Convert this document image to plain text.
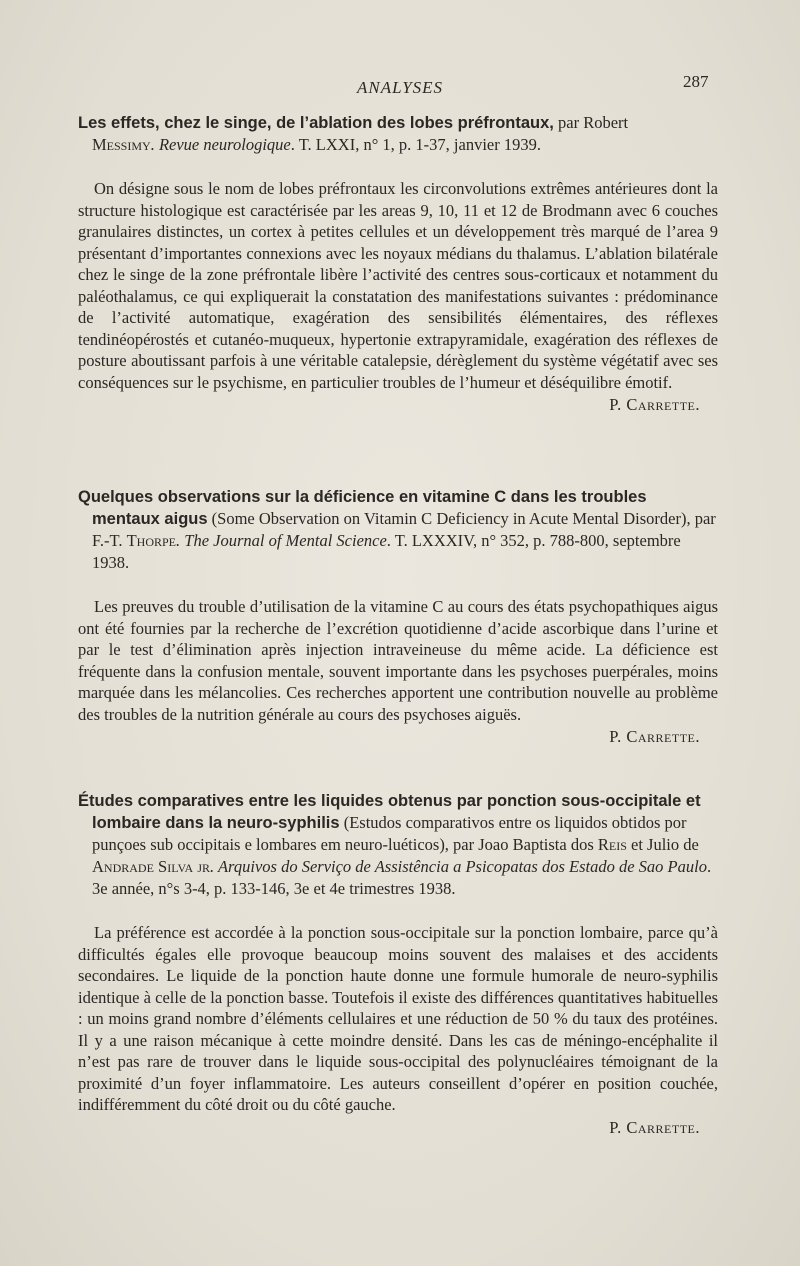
ANALYSES	287

Les effets, chez le singe, de l’ablation des lobes préfrontaux, par Robert

Messimy. Revue neurologique. T. LXXI, n° 1, p. 1-37, janvier 1939.

On désigne sous le nom de lobes préfrontaux les circonvolutions extrêmes antérieures dont la structure histologique est caractérisée par les areas 9, 10, 11 et 12 de Brodmann avec 6 couches granulaires distinctes, un cortex à petites cellules et un développement très marqué de l’area 9 présentant d’importantes connexions avec les noyaux médians du thalamus. L’ablation bilatérale chez le singe de la zone préfrontale libère l’activité des centres sous-corticaux et notamment du paléothalamus, ce qui expliquerait la constatation des manifestations suivantes : prédominance de l’activité automatique, exagération des sensibilités élémentaires, des réflexes tendinéopérostés et cutanéo-muqueux, hypertonie extrapyramidale, exagération des réflexes de posture aboutissant parfois à une véritable catalepsie, dérèglement du système végétatif avec ses conséquences sur le psychisme, en particulier troubles de l’humeur et déséquilibre émotif.

P. Carrette.

Quelques observations sur la déficience en vitamine C dans les troubles mentaux aigus (Some Observation on Vitamin C Deficiency in Acute Mental Disorder), par F.-T. Thorpe. The Journal of Mental Science. T. LXXXIV, n° 352, p. 788-800, septembre 1938.

Les preuves du trouble d’utilisation de la vitamine C au cours des états psychopathiques aigus ont été fournies par la recherche de l’excrétion quotidienne d’acide ascorbique dans l’urine et par le test d’élimination après injection intraveineuse du même acide. La déficience est fréquente dans la confusion mentale, souvent importante dans les psychoses puerpérales, moins marquée dans les mélancolies. Ces recherches apportent une contribution nouvelle au problème des troubles de la nutrition générale au cours des psychoses aiguës.

P. Carrette.

Études comparatives entre les liquides obtenus par ponction sous-occipitale et lombaire dans la neuro-syphilis (Estudos comparativos entre os liquidos obtidos por punçoes sub occipitais e lombares em neuro-luéticos), par Joao Baptista dos Reis et Julio de Andrade Silva jr. Arquivos do Serviço de Assistência a Psicopatas dos Estado de Sao Paulo. 3e année, n°s 3-4, p. 133-146, 3e et 4e trimestres 1938.

La préférence est accordée à la ponction sous-occipitale sur la ponction lombaire, parce qu’à difficultés égales elle provoque beaucoup moins souvent des malaises et des accidents secondaires. Le liquide de la ponction haute donne une formule humorale de neuro-syphilis identique à celle de la ponction basse. Toutefois il existe des différences quantitatives habituelles : un moins grand nombre d’éléments cellulaires et une réduction de 50 % du taux des protéines. Il y a une raison mécanique à cette moindre densité. Dans les cas de méningo-encéphalite il n’est pas rare de trouver dans le liquide sous-occipital des polynucléaires témoignant de la proximité d’un foyer inflammatoire. Les auteurs conseillent d’opérer en position couchée, indifféremment du côté droit ou du côté gauche.

P. Carrette.
